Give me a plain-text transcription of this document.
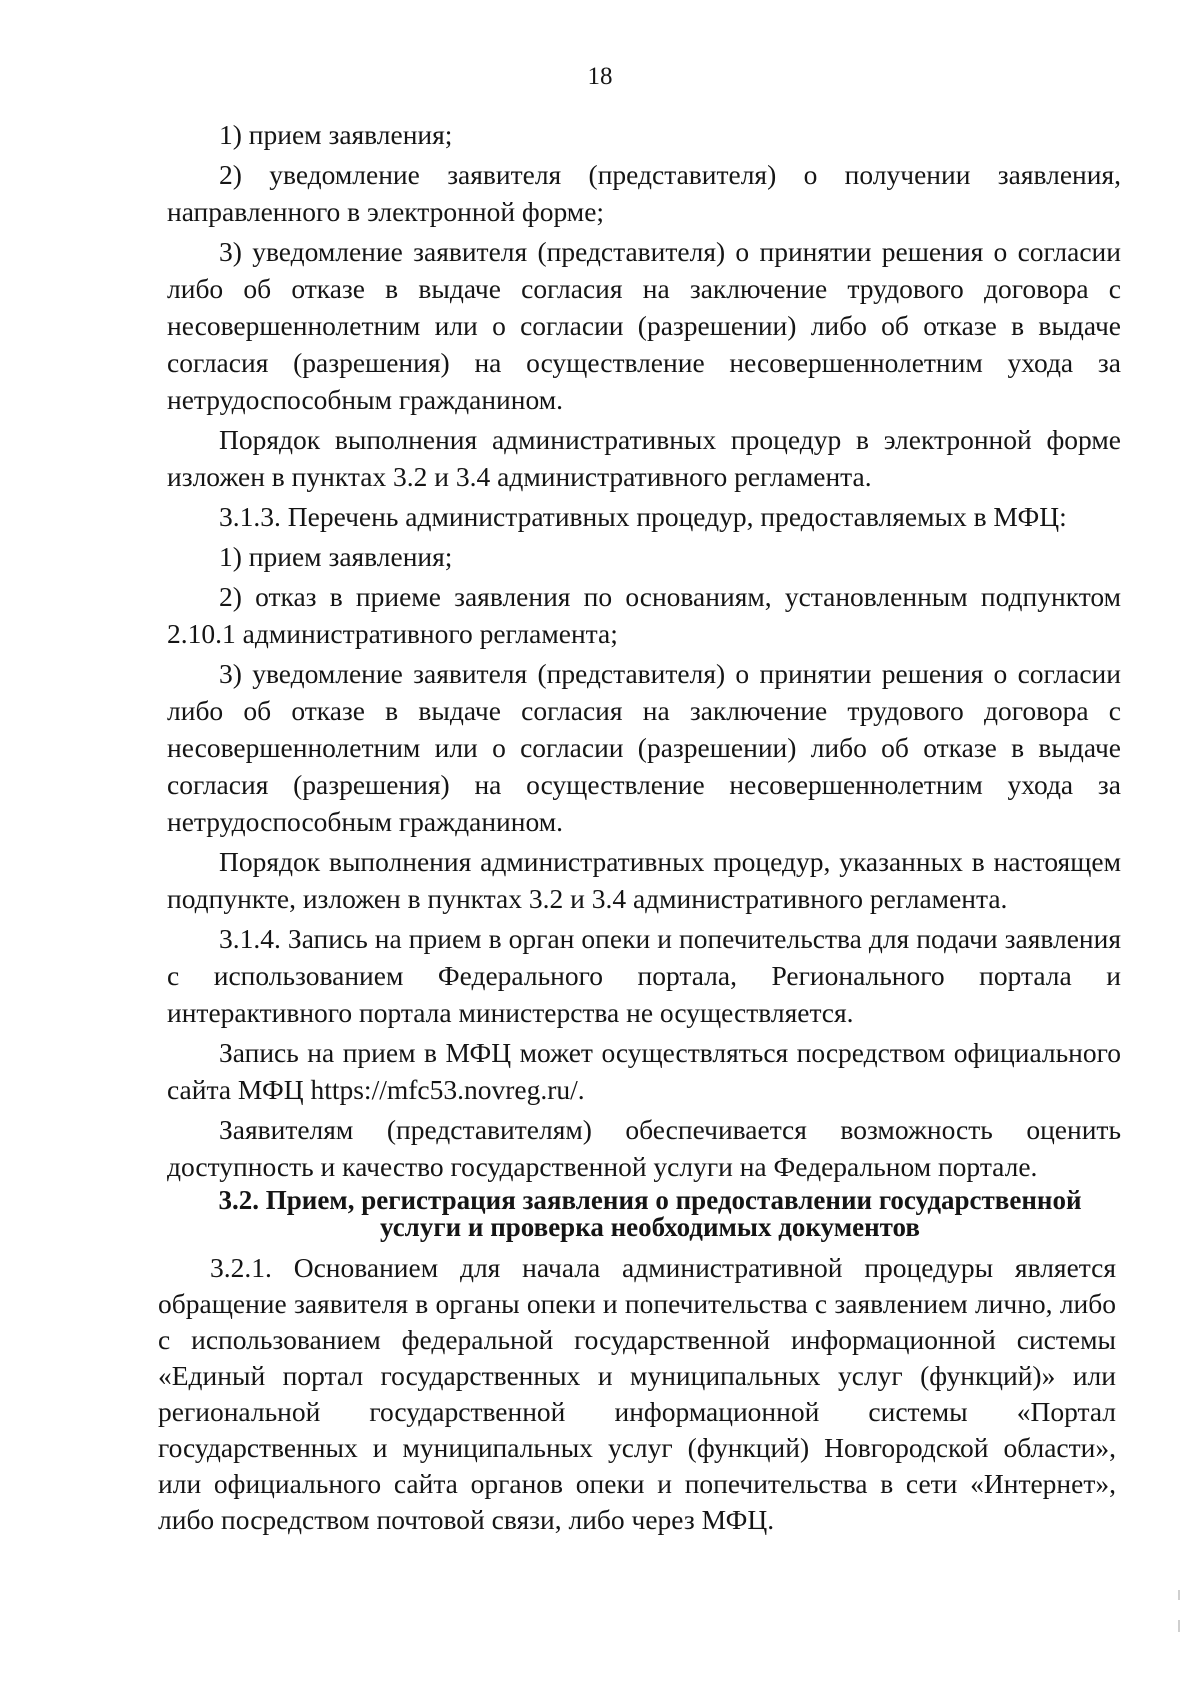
18

1) прием заявления;

2) уведомление заявителя (представителя) о получении заявления, направленного в электронной форме;

3) уведомление заявителя (представителя) о принятии решения о согласии либо об отказе в выдаче согласия на заключение трудового договора с несовершеннолетним или о согласии (разрешении) либо об отказе в выдаче согласия (разрешения) на осуществление несовершеннолетним ухода за нетрудоспособным гражданином.

Порядок выполнения административных процедур в электронной форме изложен в пунктах 3.2 и 3.4 административного регламента.

3.1.3. Перечень административных процедур, предоставляемых в МФЦ:

1) прием заявления;

2) отказ в приеме заявления по основаниям, установленным подпунктом 2.10.1 административного регламента;

3) уведомление заявителя (представителя) о принятии решения о согласии либо об отказе в выдаче согласия на заключение трудового договора с несовершеннолетним или о согласии (разрешении) либо об отказе в выдаче согласия (разрешения) на осуществление несовершеннолетним ухода за нетрудоспособным гражданином.

Порядок выполнения административных процедур, указанных в настоящем подпункте, изложен в пунктах 3.2 и 3.4 административного регламента.

3.1.4. Запись на прием в орган опеки и попечительства для подачи заявления с использованием Федерального портала, Регионального портала и интерактивного портала министерства не осуществляется.

Запись на прием в МФЦ может осуществляться посредством официального сайта МФЦ https://mfc53.novreg.ru/.

Заявителям (представителям) обеспечивается возможность оценить доступность и качество государственной услуги на Федеральном портале.

3.2. Прием, регистрация заявления о предоставлении государственной услуги и проверка необходимых документов

3.2.1. Основанием для начала административной процедуры является обращение заявителя в органы опеки и попечительства с заявлением лично, либо с использованием федеральной государственной информационной системы «Единый портал государственных и муниципальных услуг (функций)» или региональной государственной информационной системы «Портал государственных и муниципальных услуг (функций) Новгородской области», или официального сайта органов опеки и попечительства в сети «Интернет», либо посредством почтовой связи, либо через МФЦ.
